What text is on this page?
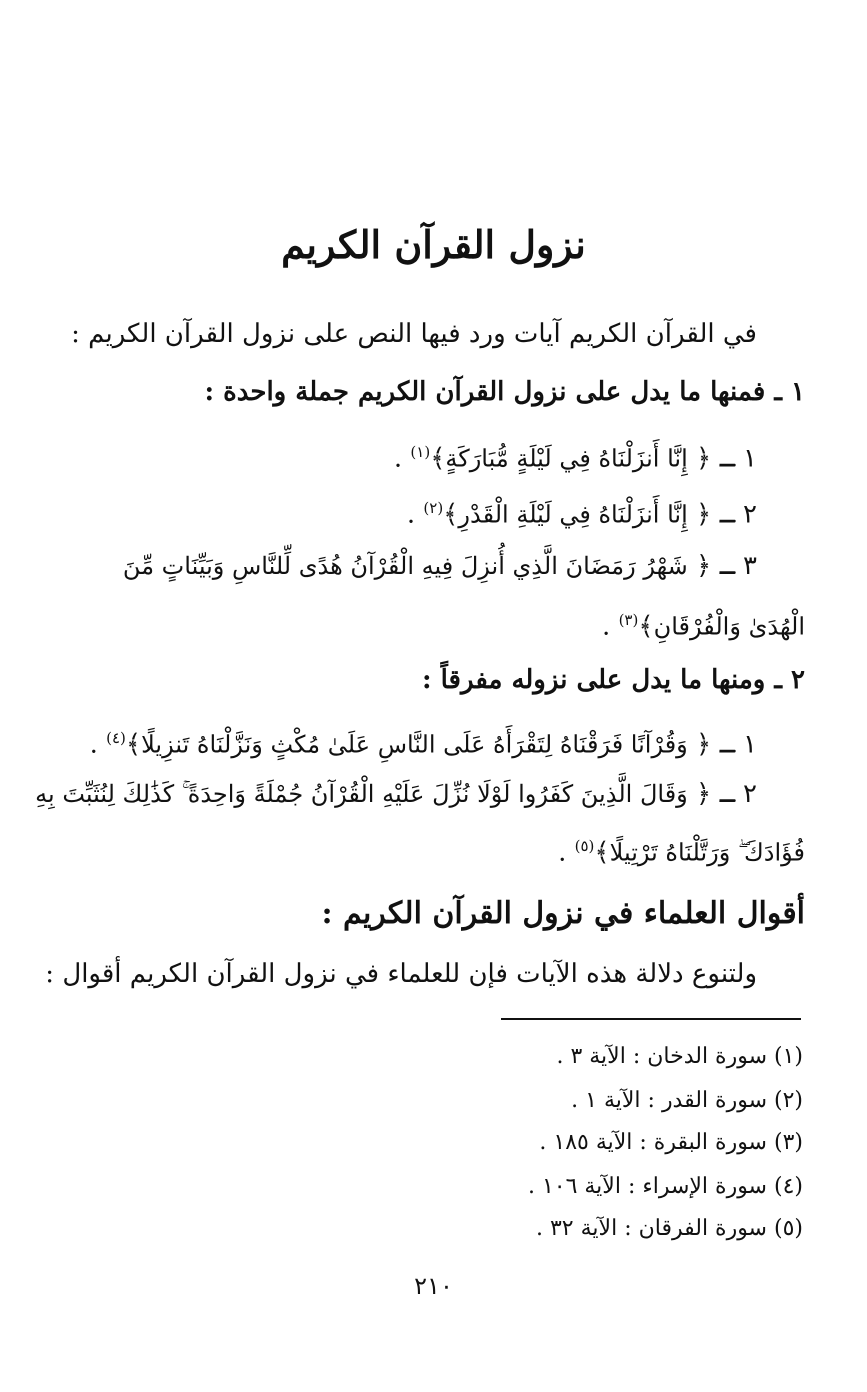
نزول القرآن الكريم

في القرآن الكريم آيات ورد فيها النص على نزول القرآن الكريم :

١ ـ فمنها ما يدل على نزول القرآن الكريم جملة واحدة :

١ ـ ﴿ إِنَّا أَنزَلْنَاهُ فِي لَيْلَةٍ مُّبَارَكَةٍ﴾$^{(١)}$ .

٢ ـ ﴿ إِنَّا أَنزَلْنَاهُ فِي لَيْلَةِ الْقَدْرِ﴾$^{(٢)}$ .

٣ ـ ﴿ شَهْرُ رَمَضَانَ الَّذِي أُنزِلَ فِيهِ الْقُرْآنُ هُدًى لِّلنَّاسِ وَبَيِّنَاتٍ مِّنَ

الْهُدَىٰ وَالْفُرْقَانِ﴾$^{(٣)}$ .

٢ ـ ومنها ما يدل على نزوله مفرقاً :

١ ـ ﴿ وَقُرْآنًا فَرَقْنَاهُ لِتَقْرَأَهُ عَلَى النَّاسِ عَلَىٰ مُكْثٍ وَنَزَّلْنَاهُ تَنزِيلًا﴾$^{(٤)}$ .

٢ ـ ﴿ وَقَالَ الَّذِينَ كَفَرُوا لَوْلَا نُزِّلَ عَلَيْهِ الْقُرْآنُ جُمْلَةً وَاحِدَةً ۚ كَذَٰلِكَ لِنُثَبِّتَ بِهِ

فُؤَادَكَ ۖ وَرَتَّلْنَاهُ تَرْتِيلًا﴾$^{(٥)}$ .

أقوال العلماء في نزول القرآن الكريم :

ولتنوع دلالة هذه الآيات فإن للعلماء في نزول القرآن الكريم أقوال :

(١) سورة الدخان : الآية ٣ .

(٢) سورة القدر : الآية ١ .

(٣) سورة البقرة : الآية ١٨٥ .

(٤) سورة الإسراء : الآية ١٠٦ .

(٥) سورة الفرقان : الآية ٣٢ .

٢١٠
